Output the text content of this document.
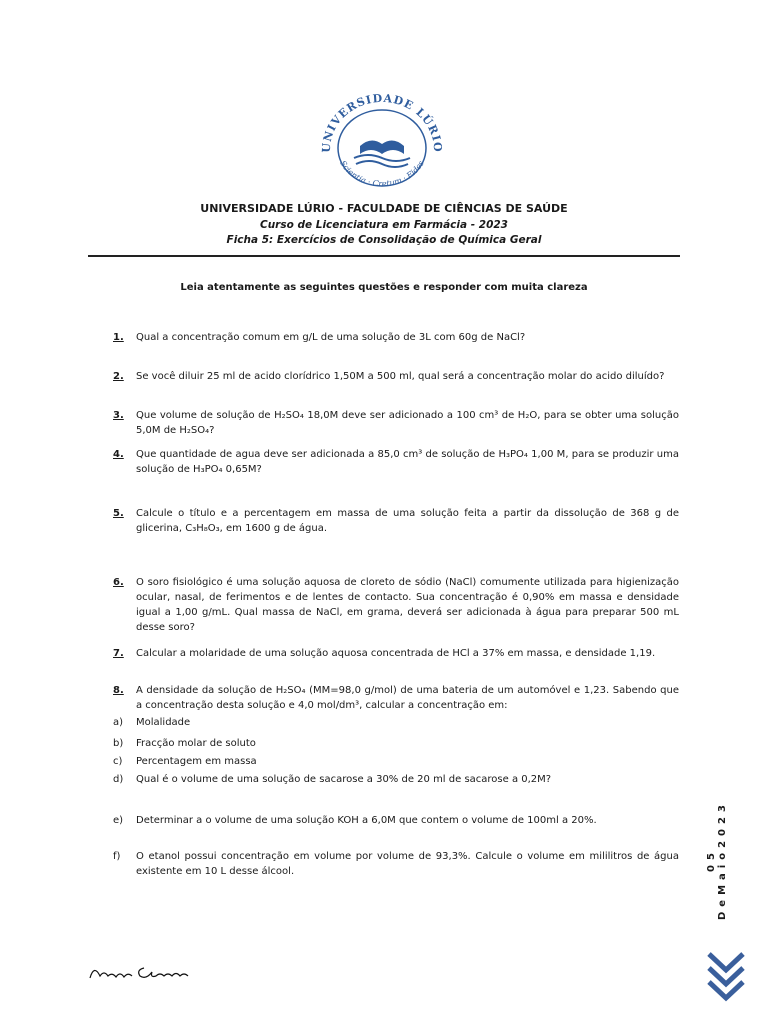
UNIVERSIDADE LÚRIO
Scientia · Cretum · Fides
UNIVERSIDADE LÚRIO - FACULDADE DE CIÊNCIAS DE SAÚDE
Curso de Licenciatura em Farmácia - 2023
Ficha 5: Exercícios de Consolidação de Química Geral
Leia atentamente as seguintes questões e responder com muita clareza
1. Qual a concentração comum em g/L de uma solução de 3L com 60g de NaCl?
2. Se você diluir 25 ml de acido clorídrico 1,50M a 500 ml, qual será a concentração molar do acido diluído?
3. Que volume de solução de H₂SO₄ 18,0M deve ser adicionado a 100 cm³ de H₂O, para se obter uma solução 5,0M de H₂SO₄?
4. Que quantidade de agua deve ser adicionada a 85,0 cm³ de solução de H₃PO₄ 1,00 M, para se produzir uma solução de H₃PO₄ 0,65M?
5. Calcule o título e a percentagem em massa de uma solução feita a partir da dissolução de 368 g de glicerina, C₃H₈O₃, em 1600 g de água.
6. O soro fisiológico é uma solução aquosa de cloreto de sódio (NaCl) comumente utilizada para higienização ocular, nasal, de ferimentos e de lentes de contacto. Sua concentração é 0,90% em massa e densidade igual a 1,00 g/mL. Qual massa de NaCl, em grama, deverá ser adicionada à água para preparar 500 mL desse soro?
7. Calcular a molaridade de uma solução aquosa concentrada de HCl a 37% em massa, e densidade 1,19.
8. A densidade da solução de H₂SO₄ (MM=98,0 g/mol) de uma bateria de um automóvel e 1,23. Sabendo que a concentração desta solução e 4,0 mol/dm³, calcular a concentração em:
a) Molalidade
b) Fracção molar de soluto
c) Percentagem em massa
d) Qual é o volume de uma solução de sacarose a 30% de 20 ml de sacarose a 0,2M?
e) Determinar a o volume de uma solução KOH a 6,0M que contem o volume de 100ml a 20%.
f) O etanol possui concentração em volume por volume de 93,3%. Calcule o volume em mililitros de água existente em 10 L desse álcool.	05 DeMaio2023
